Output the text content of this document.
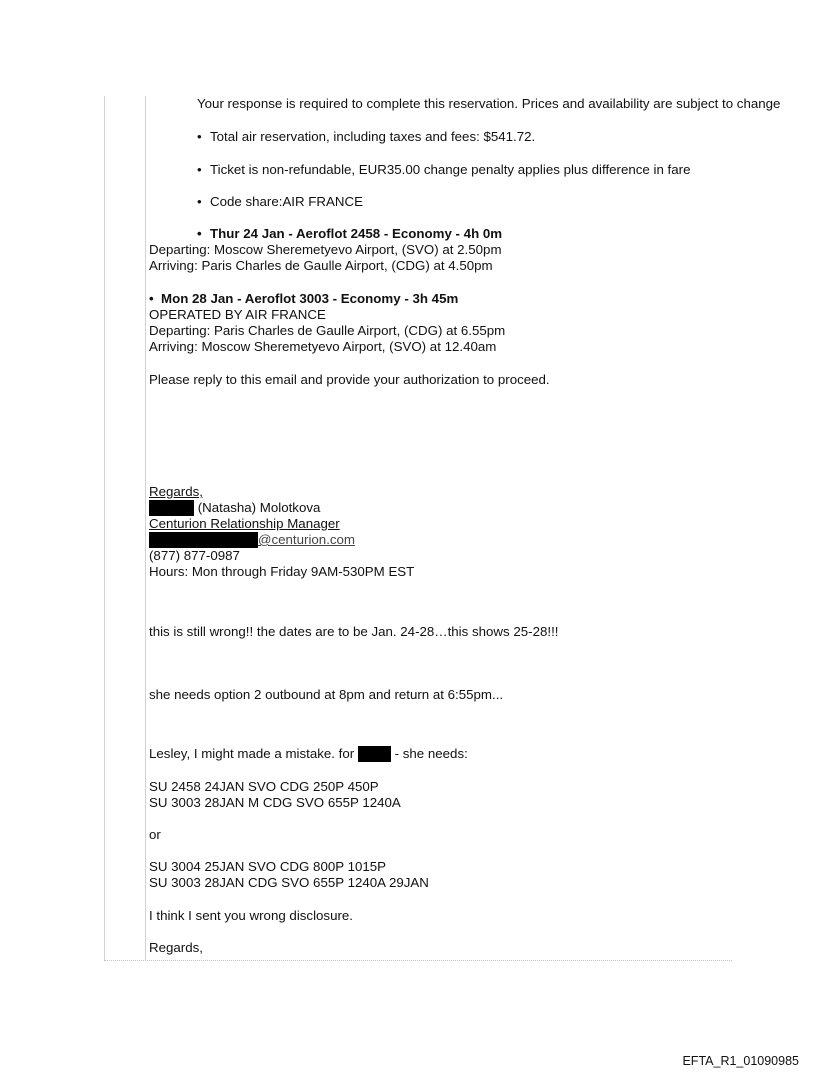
Your response is required to complete this reservation. Prices and availability are subject to change
• Total air reservation, including taxes and fees: $541.72.
• Ticket is non-refundable, EUR35.00 change penalty applies plus difference in fare
• Code share:AIR FRANCE
• Thur 24 Jan - Aeroflot 2458 - Economy - 4h 0m
Departing: Moscow Sheremetyevo Airport, (SVO) at 2.50pm
Arriving: Paris Charles de Gaulle Airport, (CDG) at 4.50pm
• Mon 28 Jan - Aeroflot 3003 - Economy - 3h 45m
OPERATED BY AIR FRANCE
Departing: Paris Charles de Gaulle Airport, (CDG) at 6.55pm
Arriving: Moscow Sheremetyevo Airport, (SVO) at 12.40am
Please reply to this email and provide your authorization to proceed.
Regards,
(Natasha) Molotkova
Centurion Relationship Manager
@centurion.com
(877) 877-0987
Hours: Mon through Friday 9AM-530PM EST
this is still wrong!! the dates are to be Jan. 24-28…this shows 25-28!!!
she needs option 2 outbound at 8pm and return at 6:55pm...
Lesley, I might made a mistake. for	- she needs:
SU 2458 24JAN SVO CDG 250P 450P
SU 3003 28JAN M CDG SVO 655P 1240A
or
SU 3004 25JAN SVO CDG 800P 1015P
SU 3003 28JAN CDG SVO 655P 1240A 29JAN
I think I sent you wrong disclosure.
Regards,
EFTA_R1_01090985
